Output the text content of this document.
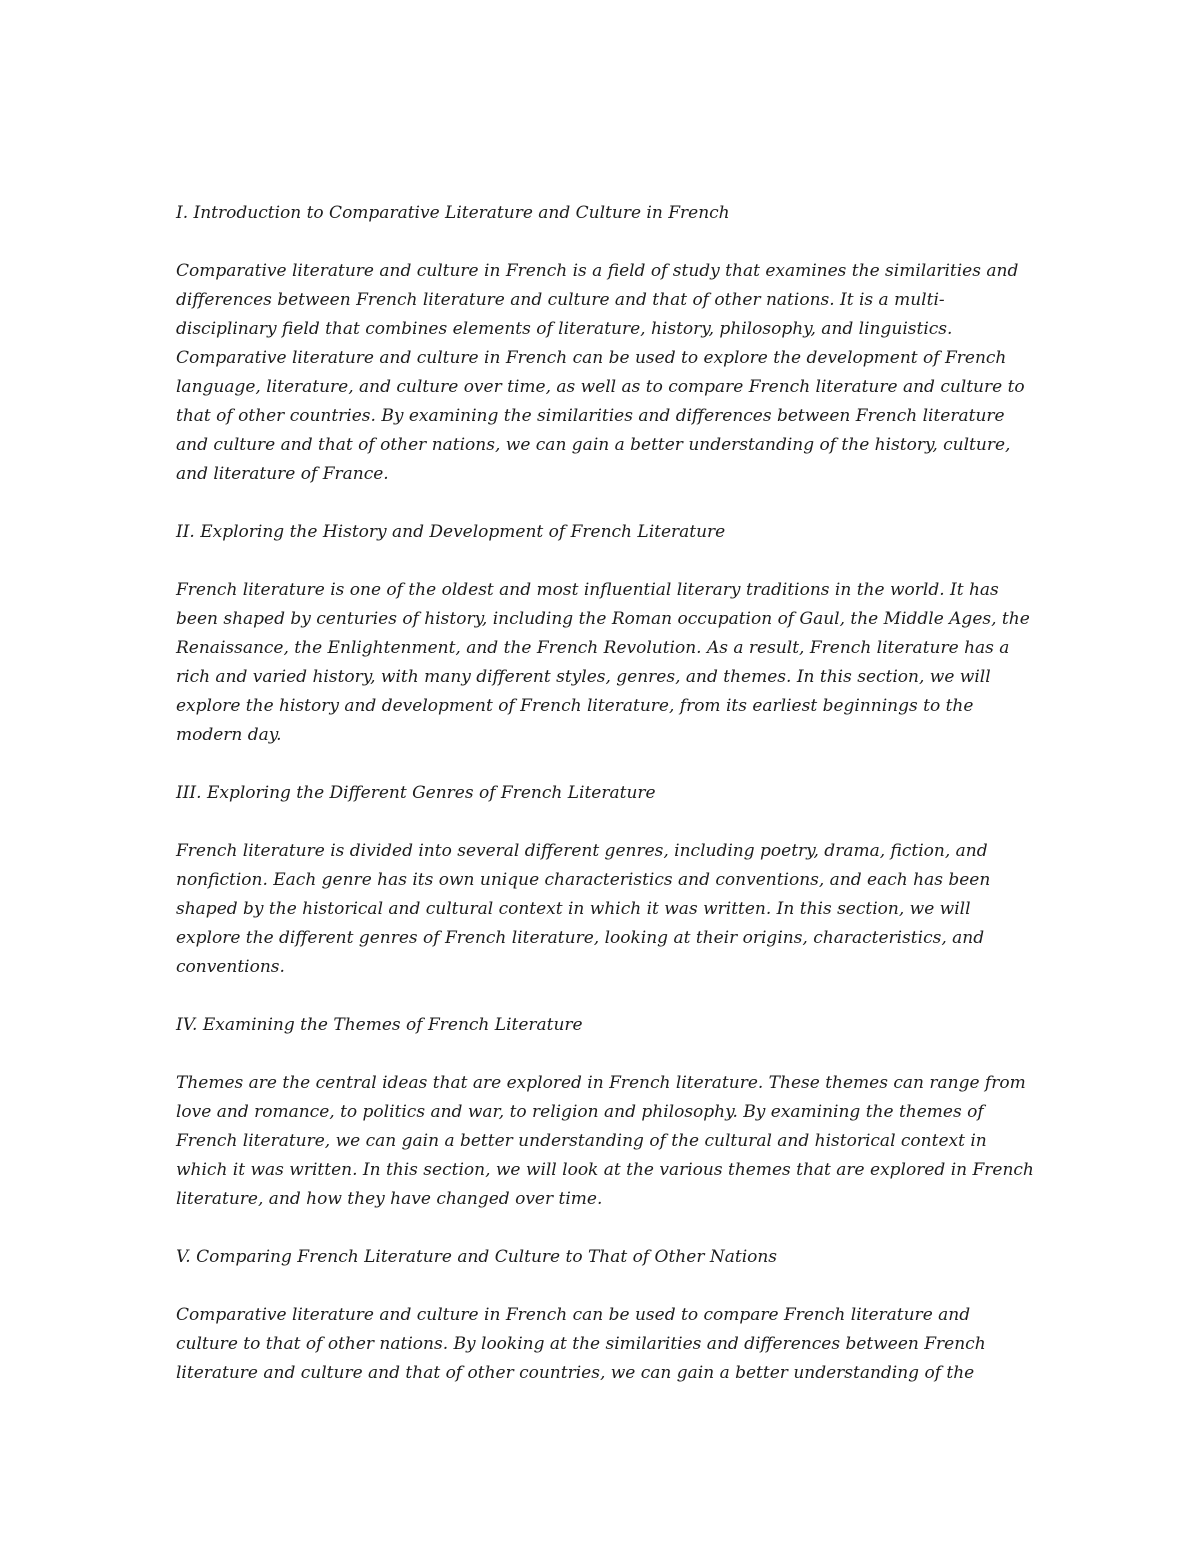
I. Introduction to Comparative Literature and Culture in French

Comparative literature and culture in French is a field of study that examines the similarities and differences between French literature and culture and that of other nations. It is a multi-disciplinary field that combines elements of literature, history, philosophy, and linguistics. Comparative literature and culture in French can be used to explore the development of French language, literature, and culture over time, as well as to compare French literature and culture to that of other countries. By examining the similarities and differences between French literature and culture and that of other nations, we can gain a better understanding of the history, culture, and literature of France.

II. Exploring the History and Development of French Literature

French literature is one of the oldest and most influential literary traditions in the world. It has been shaped by centuries of history, including the Roman occupation of Gaul, the Middle Ages, the Renaissance, the Enlightenment, and the French Revolution. As a result, French literature has a rich and varied history, with many different styles, genres, and themes. In this section, we will explore the history and development of French literature, from its earliest beginnings to the modern day.

III. Exploring the Different Genres of French Literature

French literature is divided into several different genres, including poetry, drama, fiction, and nonfiction. Each genre has its own unique characteristics and conventions, and each has been shaped by the historical and cultural context in which it was written. In this section, we will explore the different genres of French literature, looking at their origins, characteristics, and conventions.

IV. Examining the Themes of French Literature

Themes are the central ideas that are explored in French literature. These themes can range from love and romance, to politics and war, to religion and philosophy. By examining the themes of French literature, we can gain a better understanding of the cultural and historical context in which it was written. In this section, we will look at the various themes that are explored in French literature, and how they have changed over time.

V. Comparing French Literature and Culture to That of Other Nations

Comparative literature and culture in French can be used to compare French literature and culture to that of other nations. By looking at the similarities and differences between French literature and culture and that of other countries, we can gain a better understanding of the
